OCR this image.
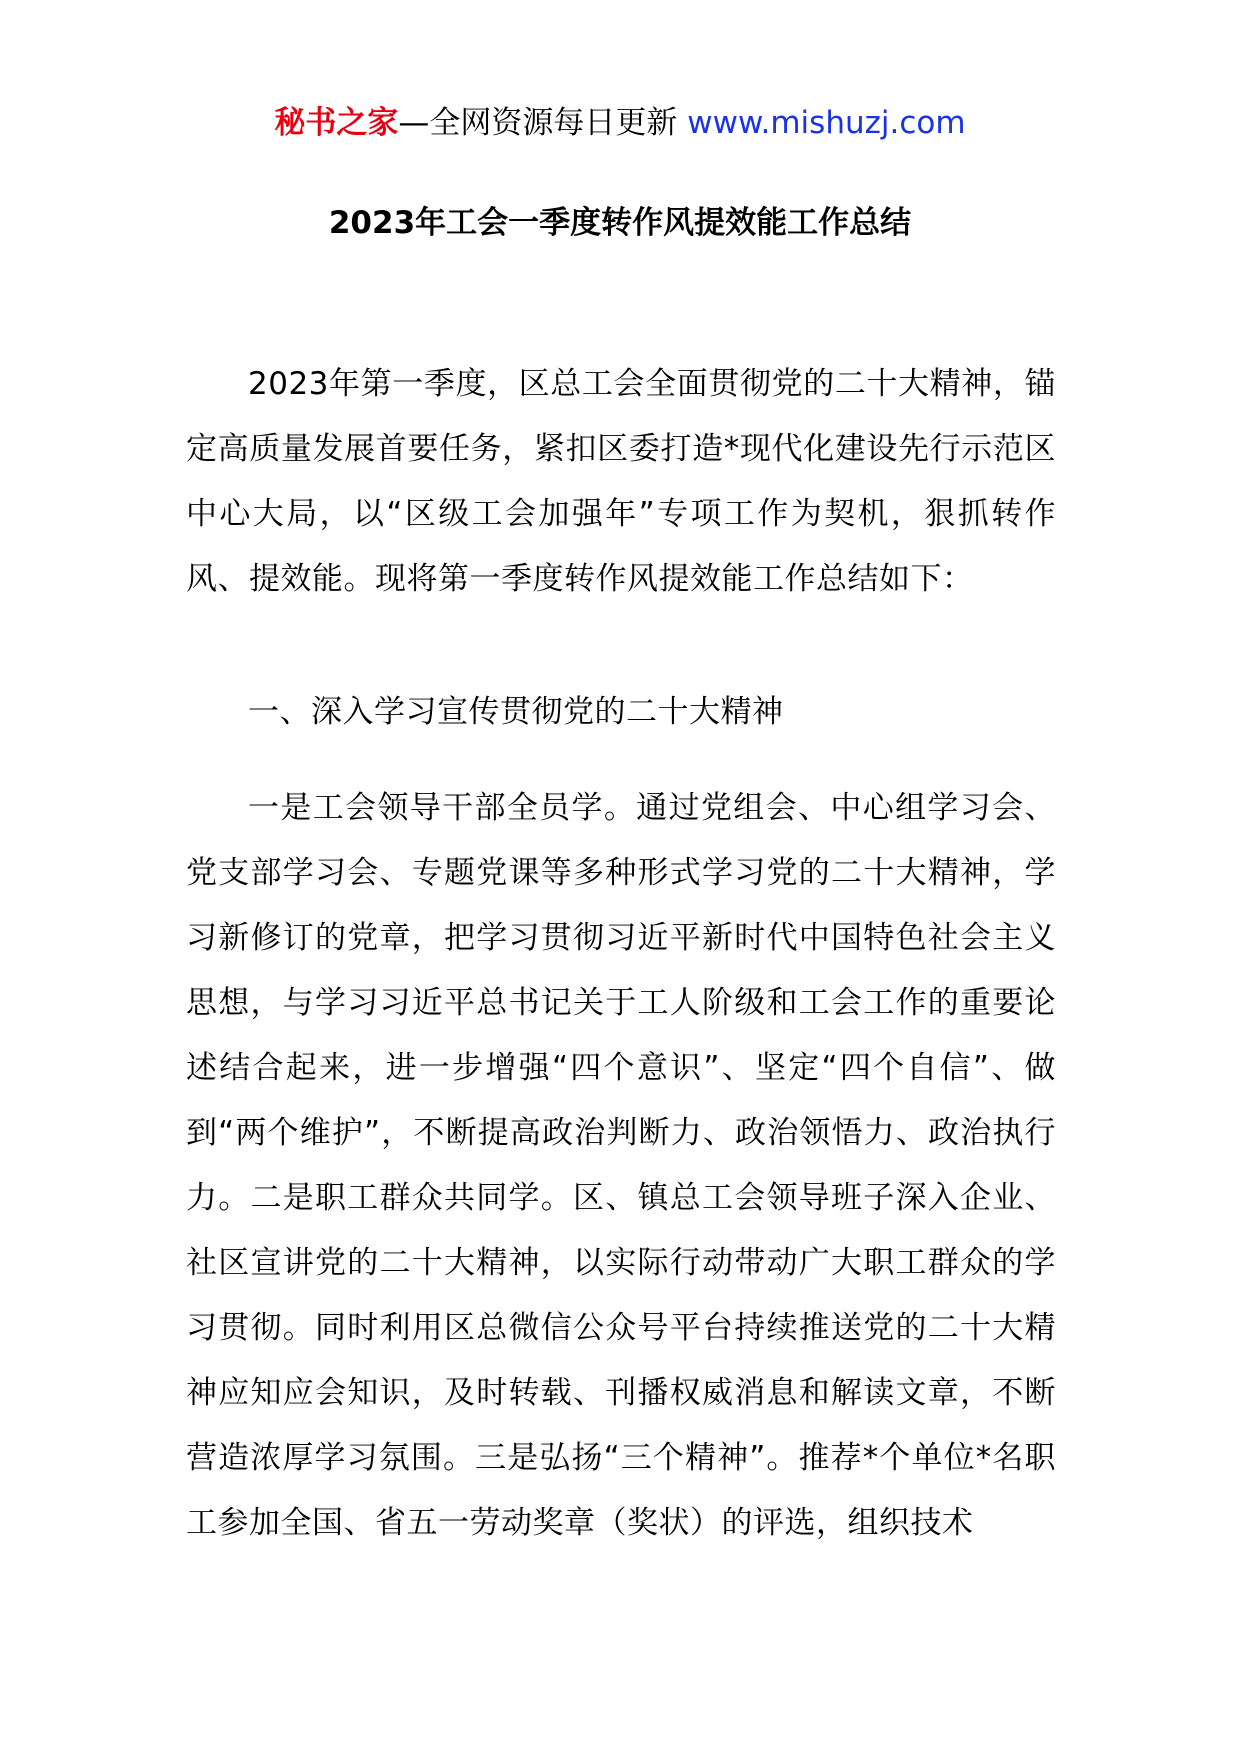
秘书之家—全网资源每日更新 www.mishuzj.com
2023年工会一季度转作风提效能工作总结

2023年第一季度，区总工会全面贯彻党的二十大精神，锚定高质量发展首要任务，紧扣区委打造*现代化建设先行示范区中心大局，以“区级工会加强年”专项工作为契机，狠抓转作风、提效能。现将第一季度转作风提效能工作总结如下：

一、深入学习宣传贯彻党的二十大精神

一是工会领导干部全员学。通过党组会、中心组学习会、党支部学习会、专题党课等多种形式学习党的二十大精神，学习新修订的党章，把学习贯彻习近平新时代中国特色社会主义思想，与学习习近平总书记关于工人阶级和工会工作的重要论述结合起来，进一步增强“四个意识”、坚定“四个自信”、做到“两个维护”，不断提高政治判断力、政治领悟力、政治执行力。二是职工群众共同学。区、镇总工会领导班子深入企业、社区宣讲党的二十大精神，以实际行动带动广大职工群众的学习贯彻。同时利用区总微信公众号平台持续推送党的二十大精神应知应会知识，及时转载、刊播权威消息和解读文章，不断营造浓厚学习氛围。三是弘扬“三个精神”。推荐*个单位*名职工参加全国、省五一劳动奖章（奖状）的评选，组织技术
